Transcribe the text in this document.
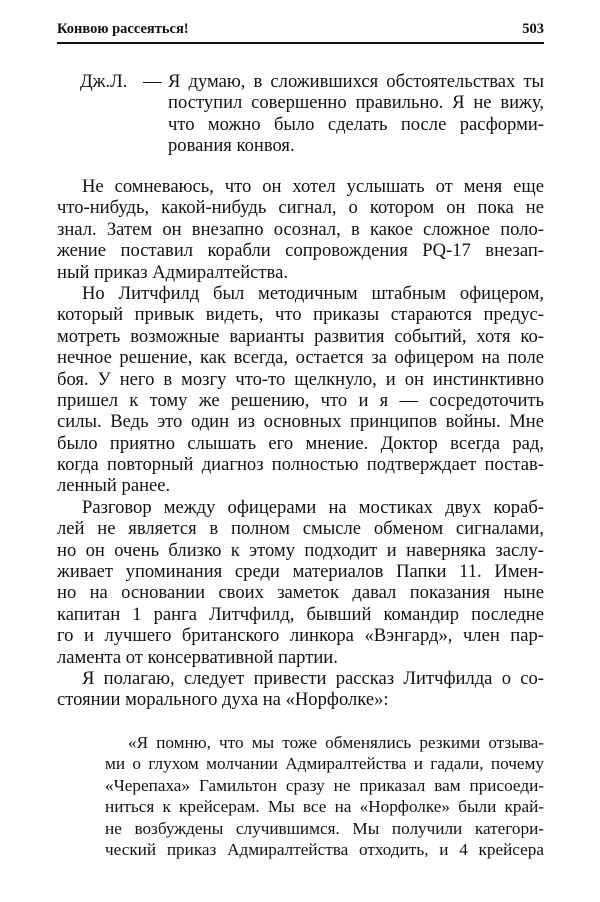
Конвою рассеяться!	503
Дж.Л. — Я думаю, в сложившихся обстоятельствах ты
поступил совершенно правильно. Я не вижу,
что можно было сделать после расформи-
рования конвоя.
Не сомневаюсь, что он хотел услышать от меня еще
что-нибудь, какой-нибудь сигнал, о котором он пока не
знал. Затем он внезапно осознал, в какое сложное поло-
жение поставил корабли сопровождения PQ-17 внезап-
ный приказ Адмиралтейства.
Но Литчфилд был методичным штабным офицером,
который привык видеть, что приказы стараются предус-
мотреть возможные варианты развития событий, хотя ко-
нечное решение, как всегда, остается за офицером на поле
боя. У него в мозгу что-то щелкнуло, и он инстинктивно
пришел к тому же решению, что и я — сосредоточить
силы. Ведь это один из основных принципов войны. Мне
было приятно слышать его мнение. Доктор всегда рад,
когда повторный диагноз полностью подтверждает постав-
ленный ранее.
Разговор между офицерами на мостиках двух кораб-
лей не является в полном смысле обменом сигналами,
но он очень близко к этому подходит и наверняка заслу-
живает упоминания среди материалов Папки 11. Имен-
но на основании своих заметок давал показания ныне
капитан 1 ранга Литчфилд, бывший командир последне
го и лучшего британского линкора «Вэнгард», член пар-
ламента от консервативной партии.
Я полагаю, следует привести рассказ Литчфилда о со-
стоянии морального духа на «Норфолке»:
«Я помню, что мы тоже обменялись резкими отзыва-
ми о глухом молчании Адмиралтейства и гадали, почему
«Черепаха» Гамильтон сразу не приказал вам присоеди-
ниться к крейсерам. Мы все на «Норфолке» были край-
не возбуждены случившимся. Мы получили категори-
ческий приказ Адмиралтейства отходить, и 4 крейсера
